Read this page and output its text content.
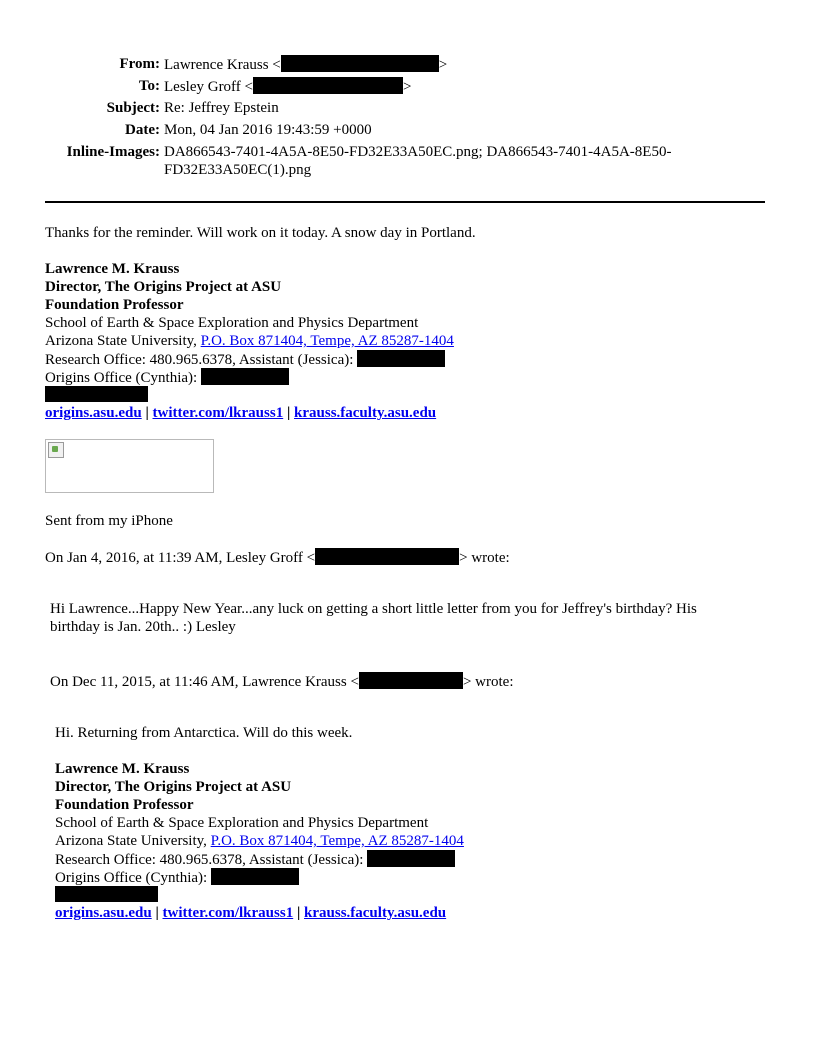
From: Lawrence Krauss <	>
To: Lesley Groff <	>
Subject: Re: Jeffrey Epstein
Date: Mon, 04 Jan 2016 19:43:59 +0000
Inline-Images: DA866543-7401-4A5A-8E50-FD32E33A50EC.png; DA866543-7401-4A5A-8E50-
FD32E33A50EC(1).png
Thanks for the reminder. Will work on it today. A snow day in Portland.
Lawrence M. Krauss
Director, The Origins Project at ASU
Foundation Professor
School of Earth & Space Exploration and Physics Department
Arizona State University, P.O. Box 871404, Tempe, AZ 85287-1404
Research Office: 480.965.6378, Assistant (Jessica):
Origins Office (Cynthia):
origins.asu.edu | twitter.com/lkrauss1 | krauss.faculty.asu.edu
Sent from my iPhone
On Jan 4, 2016, at 11:39 AM, Lesley Groff <	> wrote:
Hi Lawrence...Happy New Year...any luck on getting a short little letter from you for Jeffrey's birthday? His
birthday is Jan. 20th.. :) Lesley
On Dec 11, 2015, at 11:46 AM, Lawrence Krauss <	> wrote:
Hi. Returning from Antarctica. Will do this week.
Lawrence M. Krauss
Director, The Origins Project at ASU
Foundation Professor
School of Earth & Space Exploration and Physics Department
Arizona State University, P.O. Box 871404, Tempe, AZ 85287-1404
Research Office: 480.965.6378, Assistant (Jessica):
Origins Office (Cynthia):
origins.asu.edu | twitter.com/lkrauss1 | krauss.faculty.asu.edu
